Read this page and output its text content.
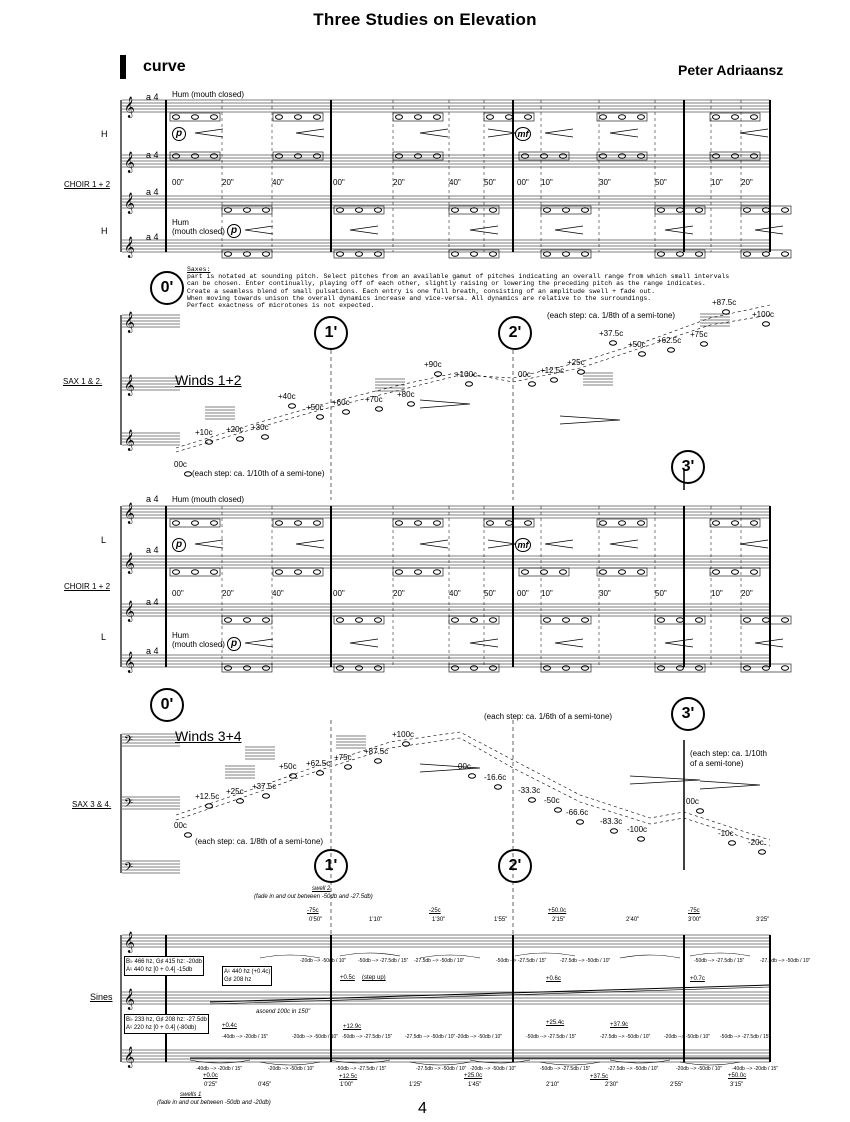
Three Studies on Elevation
curve	Peter Adriaansz
𝄞
𝄞
𝄞
𝄞
𝄞
𝄞
𝄞
𝄞
𝄞
𝄞
𝄞
𝄢
𝄢
𝄢
𝄞
𝄞
𝄞
H
H
CHOIR 1 + 2
a 4
a 4
a 4
a 4
Hum (mouth closed)
Hum
(mouth closed)
p
p
mf
00"	20"	40"	00"	20"	40"	50"	00" 10"	30"	50"	10" 20"
Saxes:
part is notated at sounding pitch. Select pitches from an available gamut of pitches indicating an overall range from which small intervals
can be chosen. Enter continually, playing off of each other, slightly raising or lowering the preceding pitch as the range indicates.
Create a seamless blend of small pulsations. Each entry is one full breath, consisting of an amplitude swell + fade out.
When moving towards unison the overall dynamics increase and vice-versa. All dynamics are relative to the surroundings.
Perfect exactness of microtones is not expected.
0'
1'	2'
3'
0'
3'
1'	2'
SAX 1 & 2.	Winds 1+2
(each step: ca. 1/10th of a semi-tone)
(each step: ca. 1/8th of a semi-tone)
00c
+10c +20c +30c
+40c
+50c
+60c +70c
+80c
+90c
+100c	00c +12.5c
+25c
+37.5c
+50c +62.5c
+75c
+87.5c
+100c
L
L
CHOIR 1 + 2
a 4
a 4
a 4
a 4
Hum (mouth closed)
Hum
(mouth closed)
p
p
mf
00"	20"	40"	00"	20"	40"	50"	00" 10"	30"	50"	10" 20"
SAX 3 & 4.
Winds 3+4
(each step: ca. 1/8th of a semi-tone)
(each step: ca. 1/6th of a semi-tone)
(each step: ca. 1/10th
of a semi-tone)
00c
+12.5c
+25c
+37.5c
+50c +62.5c
+75c
+87.5c
+100c
00c
-16.6c
-33.3c
-50c
-66.6c
-83.3c
-100c
00c
-10c
-20c
Sines
swell 2
(fade in and out between -50db and -27.5db)
swells 1
(fade in and out between -50db and -20db)
B♭ 466 hz, G♯ 415 hz: -20db
A♮ 440 hz [0 + 0.4] -15db
B♭ 233 hz, G♯ 208 hz: -27.5db
A♮ 220 hz [0 + 0.4] (-80db)
A♮ 440 hz (+0.4c)
G♯ 208 hz
ascend 100c in 150"
-75c	-25c	+50.0c	-75c
0'50"	1'10"	1'30"	1'55"	2'15"	2'40"	3'00"	3'25"
+0.5c (step up)	+0.6c	+0.7c
+0.4c	+12.9c
+25.4c	+37.9c
+0.0c	+12.5c	+25.0c	+37.5c	+50.0c
0'25"	0'45"	1'00"	1'25"	1'45"	2'10"	2'30"	2'55"	3'15"
-40db --> -20db / 15"	-20db --> -50db / 10" -50db --> -27.5db / 15"	-27.5db --> -50db / 10" -20db --> -50db / 10"	-50db --> -27.5db / 15"	-27.5db --> -50db / 10"	-20db --> -50db / 10" -50db --> -27.5db / 15"
-40db --> -20db / 15"	-20db --> -50db / 10"	-50db --> -27.5db / 15"	-27.5db --> -50db / 10" -20db --> -50db / 10"	-50db --> -27.5db / 15"	-27.5db --> -50db / 10"	-20db --> -50db / 10" -40db --> -20db / 15"
-20db --> -50db / 10" -50db --> -27.5db / 15" -27.5db --> -50db / 10"	-50db --> -27.5db / 15"	-27.5db --> -50db / 10"	-50db --> -27.5db / 15"	-27.5db --> -50db / 10"
4
